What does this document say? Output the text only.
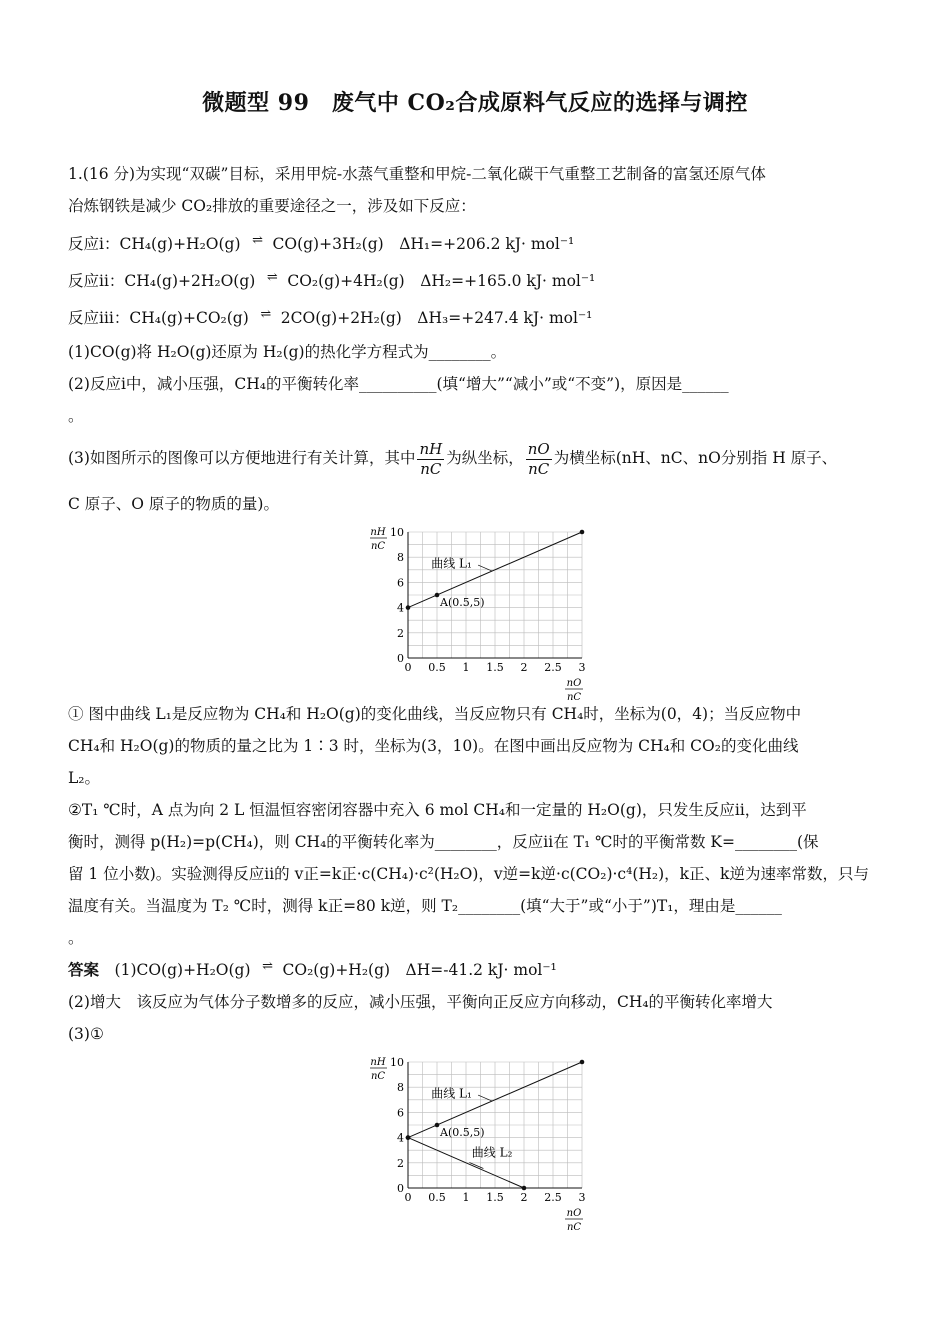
微题型 99　废气中 CO₂合成原料气反应的选择与调控
1.(16 分)为实现“双碳”目标，采用甲烷-水蒸气重整和甲烷-二氧化碳干气重整工艺制备的富氢还原气体
冶炼钢铁是减少 CO₂排放的重要途径之一，涉及如下反应：
反应ⅰ：CH₄(g)+H₂O(g) ⇌ CO(g)+3H₂(g)　ΔH₁=+206.2 kJ· mol⁻¹
反应ⅱ：CH₄(g)+2H₂O(g) ⇌ CO₂(g)+4H₂(g)　ΔH₂=+165.0 kJ· mol⁻¹
反应ⅲ：CH₄(g)+CO₂(g) ⇌ 2CO(g)+2H₂(g)　ΔH₃=+247.4 kJ· mol⁻¹
(1)CO(g)将 H₂O(g)还原为 H₂(g)的热化学方程式为________。
(2)反应ⅰ中，减小压强，CH₄的平衡转化率__________(填“增大”“减小”或“不变”)，原因是______
。
(3)如图所示的图像可以方便地进行有关计算，其中 $\frac{nH}{nC}$ 为纵坐标， $\frac{nO}{nC}$ 为横坐标(nH、nC、nO分别指 H 原子、
C 原子、O 原子的物质的量)。
0 0.5 1 1.5 2 2.5 3
0
2
4
6
8
10
nH
nC
nO
nC
曲线 L₁
A(0.5,5)
① 图中曲线 L₁是反应物为 CH₄和 H₂O(g)的变化曲线，当反应物只有 CH₄时，坐标为(0，4)；当反应物中
CH₄和 H₂O(g)的物质的量之比为 1∶3 时，坐标为(3，10)。在图中画出反应物为 CH₄和 CO₂的变化曲线
L₂。
②T₁ ℃时，A 点为向 2 L 恒温恒容密闭容器中充入 6 mol CH₄和一定量的 H₂O(g)，只发生反应ⅱ，达到平
衡时，测得 p(H₂)=p(CH₄)，则 CH₄的平衡转化率为________，反应ⅱ在 T₁ ℃时的平衡常数 K=________(保
留 1 位小数)。实验测得反应ⅱ的 v正=k正·c(CH₄)·c²(H₂O)，v逆=k逆·c(CO₂)·c⁴(H₂)，k正、k逆为速率常数，只与
温度有关。当温度为 T₂ ℃时，测得 k正=80 k逆，则 T₂________(填“大于”或“小于”)T₁，理由是______
。
答案　 (1)CO(g)+H₂O(g) ⇌ CO₂(g)+H₂(g)　ΔH=-41.2 kJ· mol⁻¹
(2)增大　该反应为气体分子数增多的反应，减小压强，平衡向正反应方向移动，CH₄的平衡转化率增大
(3)①
0 0.5 1 1.5 2 2.5 3
0
2
4
6
8
10
nH
nC
nO
nC
曲线 L₁
曲线 L₂
A(0.5,5)
